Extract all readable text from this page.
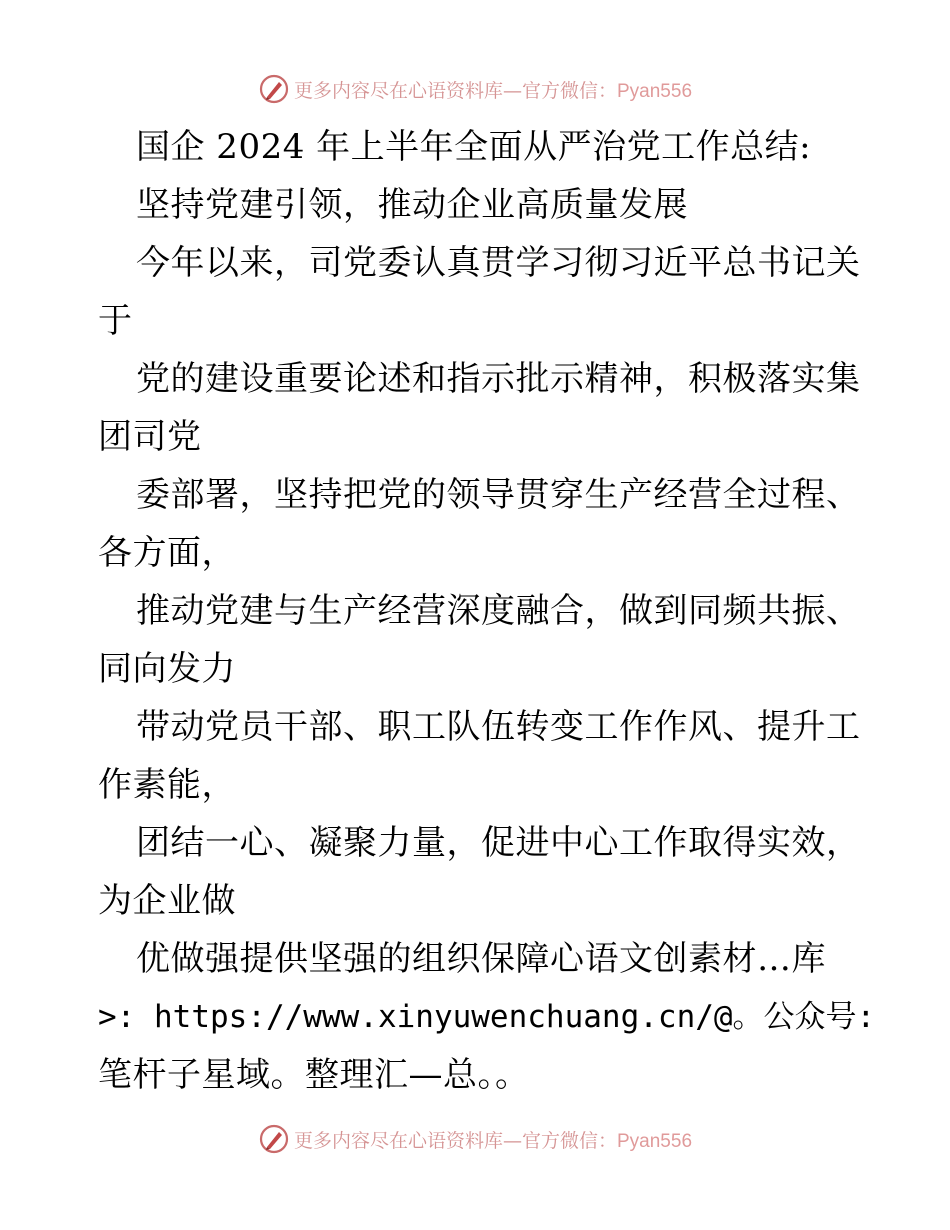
更多内容尽在心语资料库—官方微信：Pyan556
国企 2024 年上半年全面从严治党工作总结:
坚持党建引领，推动企业高质量发展
今年以来，司党委认真贯学习彻习近平总书记关
于
党的建设重要论述和指示批示精神，积极落实集
团司党
委部署，坚持把党的领导贯穿生产经营全过程、
各方面，
推动党建与生产经营深度融合，做到同频共振、
同向发力
带动党员干部、职工队伍转变工作作风、提升工
作素能，
团结一心、凝聚力量，促进中心工作取得实效，
为企业做
优做强提供坚强的组织保障心语文创素材…库
>: https://www.xinyuwenchuang.cn/@。公众号:
笔杆子星域。整理汇—总。。
更多内容尽在心语资料库—官方微信：Pyan556
